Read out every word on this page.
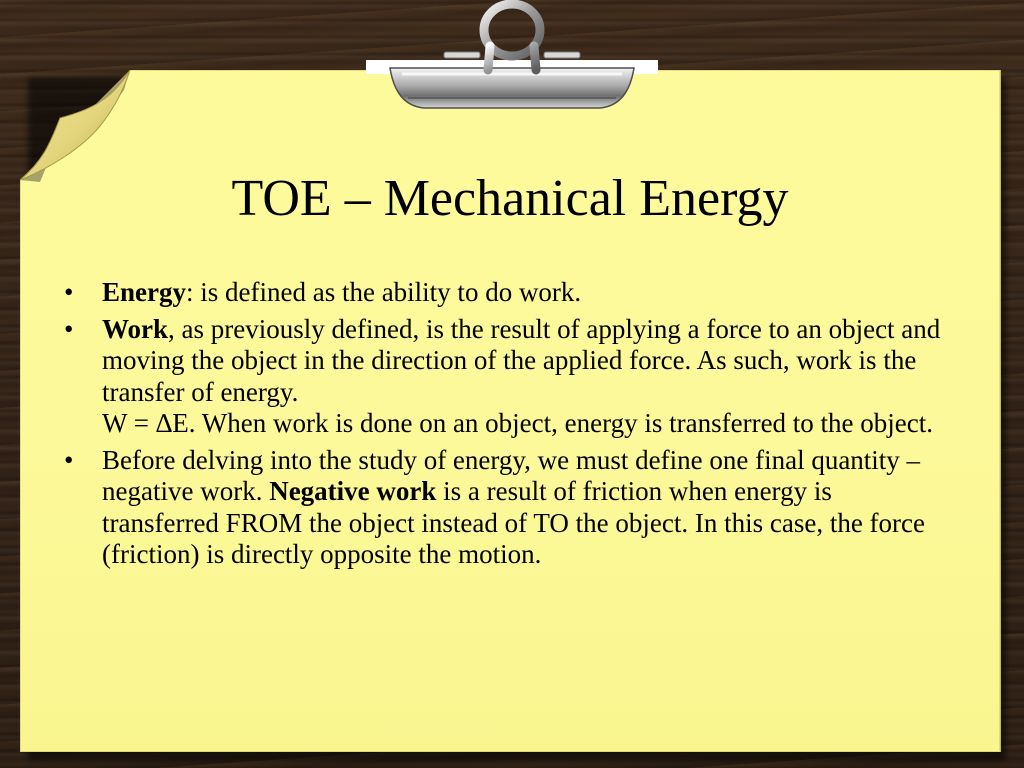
TOE – Mechanical Energy
•	Energy: is defined as the ability to do work.
•	Work, as previously defined, is the result of applying a force to an object and moving the object in the direction of the applied force. As such, work is the transfer of energy.
W = ∆E. When work is done on an object, energy is transferred to the object.
•	Before delving into the study of energy, we must define one final quantity – negative work. Negative work is a result of friction when energy is transferred FROM the object instead of TO the object. In this case, the force (friction) is directly opposite the motion.
